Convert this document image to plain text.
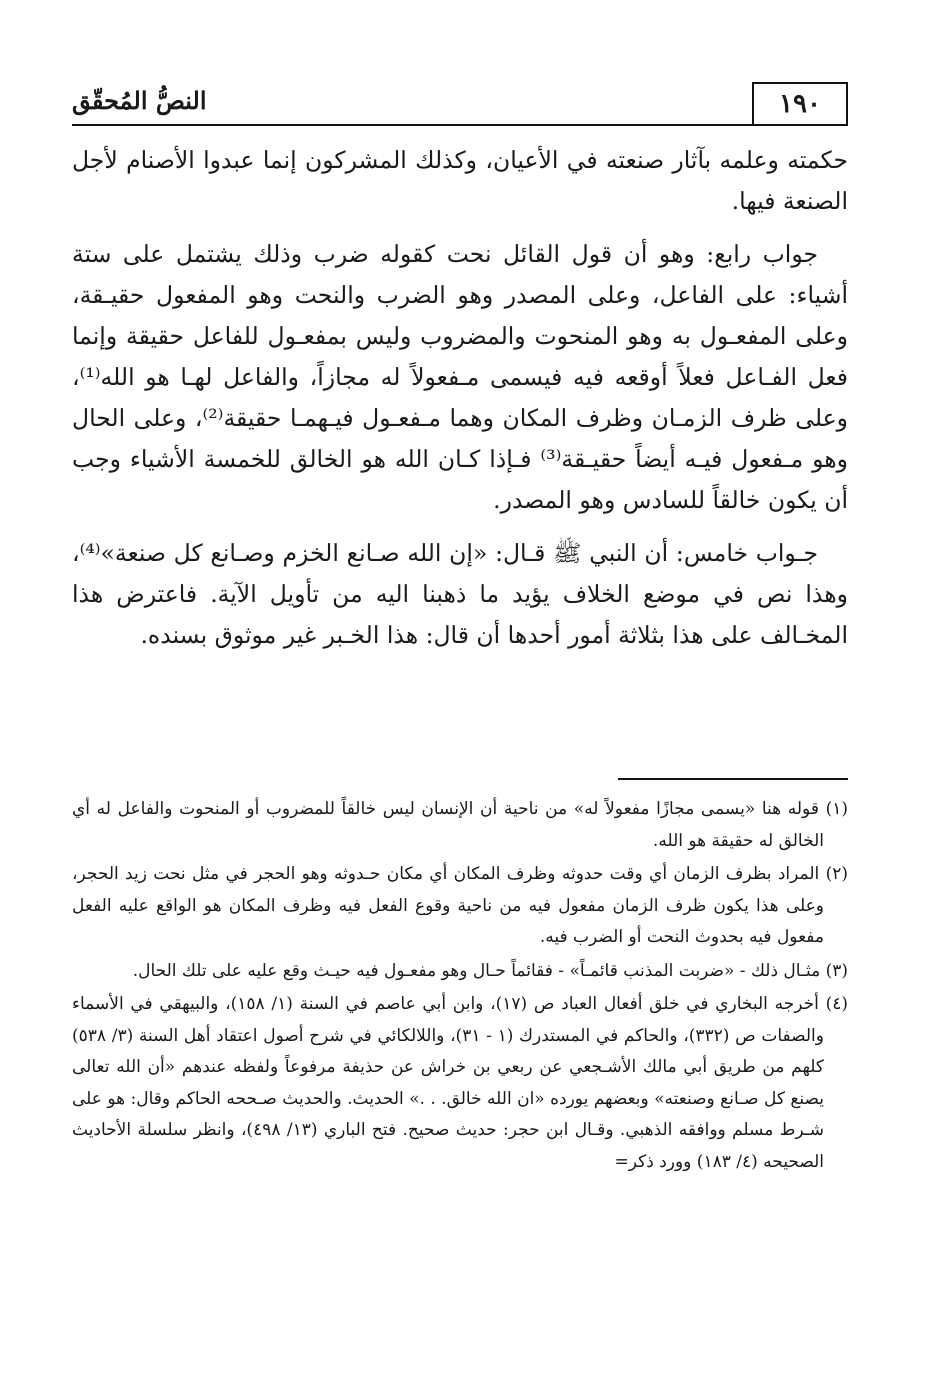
١٩٠
النصُّ المُحقّق

حكمته وعلمه بآثار صنعته في الأعيان، وكذلك المشركون إنما عبدوا الأصنام لأجل الصنعة فيها.

جواب رابع: وهو أن قول القائل نحت كقوله ضرب وذلك يشتمل على ستة أشياء: على الفاعل، وعلى المصدر وهو الضرب والنحت وهو المفعول حقيـقة، وعلى المفعـول به وهو المنحوت والمضروب وليس بمفعـول للفاعل حقيقة وإنما فعل الفـاعل فعلاً أوقعه فيه فيسمى مـفعولاً له مجازاً، والفاعل لهـا هو الله⁽¹⁾، وعلى ظرف الزمـان وظرف المكان وهما مـفعـول فيـهمـا حقيقة⁽²⁾، وعلى الحال وهو مـفعول فيـه أيضاً حقيـقة⁽³⁾ فـإذا كـان الله هو الخالق للخمسة الأشياء وجب أن يكون خالقاً للسادس وهو المصدر.

جـواب خامس: أن النبي ﷺ قـال: «إن الله صـانع الخزم وصـانع كل صنعة»⁽⁴⁾، وهذا نص في موضع الخلاف يؤيد ما ذهبنا اليه من تأويل الآية. فاعترض هذا المخـالف على هذا بثلاثة أمور أحدها أن قال: هذا الخـبر غير موثوق بسنده.

(١) قوله هنا «يسمى مجازًا مفعولاً له» من ناحية أن الإنسان ليس خالقاً للمضروب أو المنحوت والفاعل له أي الخالق له حقيقة هو الله.

(٢) المراد بظرف الزمان أي وقت حدوثه وظرف المكان أي مكان حـدوثه وهو الحجر في مثل نحت زيد الحجر، وعلى هذا يكون ظرف الزمان مفعول فيه من ناحية وقوع الفعل فيه وظرف المكان هو الواقع عليه الفعل مفعول فيه بحدوث النحت أو الضرب فيه.

(٣) مثـال ذلك - «ضربت المذنب قائمـاً» - فقائماً حـال وهو مفعـول فيه حيـث وقع عليه على تلك الحال.

(٤) أخرجه البخاري في خلق أفعال العباد ص (١٧)، وابن أبي عاصم في السنة (١/ ١٥٨)، والبيهقي في الأسماء والصفات ص (٣٣٢)، والحاكم في المستدرك (١ - ٣١)، واللالكائي في شرح أصول اعتقاد أهل السنة (٣/ ٥٣٨) كلهم من طريق أبي مالك الأشـجعي عن ربعي بن خراش عن حذيفة مرفوعاً ولفظه عندهم «أن الله تعالى يصنع كل صـانع وصنعته» وبعضهم يورده «ان الله خالق. . .» الحديث. والحديث صـححه الحاكم وقال: هو على شـرط مسلم ووافقه الذهبي. وقـال ابن حجر: حديث صحيح. فتح الباري (١٣/ ٤٩٨)، وانظر سلسلة الأحاديث الصحيحه (٤/ ١٨٣) وورد ذكر=
